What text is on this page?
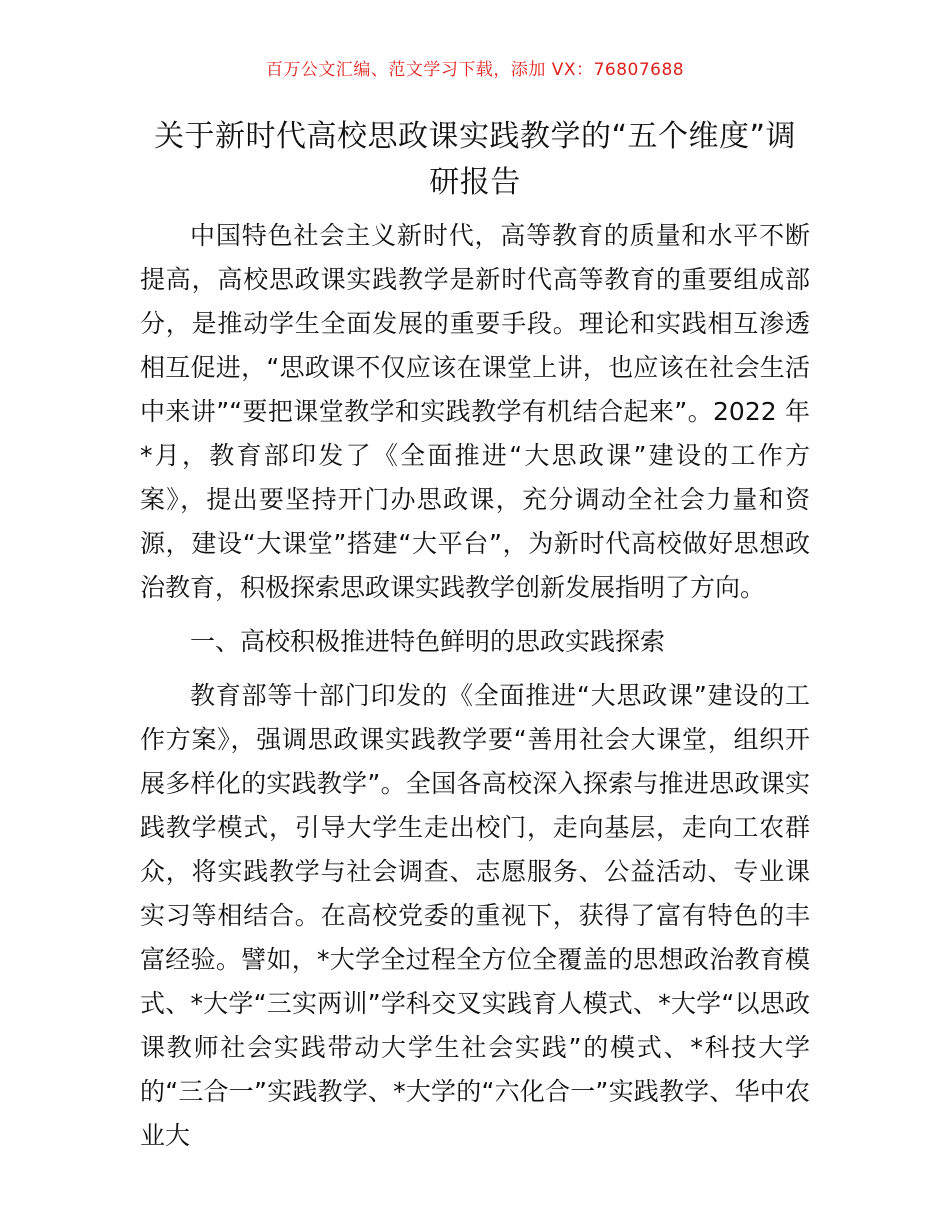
百万公文汇编、范文学习下载，添加 VX：76807688
关于新时代高校思政课实践教学的“五个维度”调研报告

中国特色社会主义新时代，高等教育的质量和水平不断提高，高校思政课实践教学是新时代高等教育的重要组成部分，是推动学生全面发展的重要手段。理论和实践相互渗透相互促进，“思政课不仅应该在课堂上讲，也应该在社会生活中来讲”“要把课堂教学和实践教学有机结合起来”。2022 年*月，教育部印发了《全面推进“大思政课”建设的工作方案》，提出要坚持开门办思政课，充分调动全社会力量和资源，建设“大课堂”搭建“大平台”，为新时代高校做好思想政治教育，积极探索思政课实践教学创新发展指明了方向。

一、高校积极推进特色鲜明的思政实践探索

教育部等十部门印发的《全面推进“大思政课”建设的工作方案》，强调思政课实践教学要“善用社会大课堂，组织开展多样化的实践教学”。全国各高校深入探索与推进思政课实践教学模式，引导大学生走出校门，走向基层，走向工农群众，将实践教学与社会调查、志愿服务、公益活动、专业课实习等相结合。在高校党委的重视下，获得了富有特色的丰富经验。譬如，*大学全过程全方位全覆盖的思想政治教育模式、*大学“三实两训”学科交叉实践育人模式、*大学“以思政课教师社会实践带动大学生社会实践”的模式、*科技大学的“三合一”实践教学、*大学的“六化合一”实践教学、华中农业大
